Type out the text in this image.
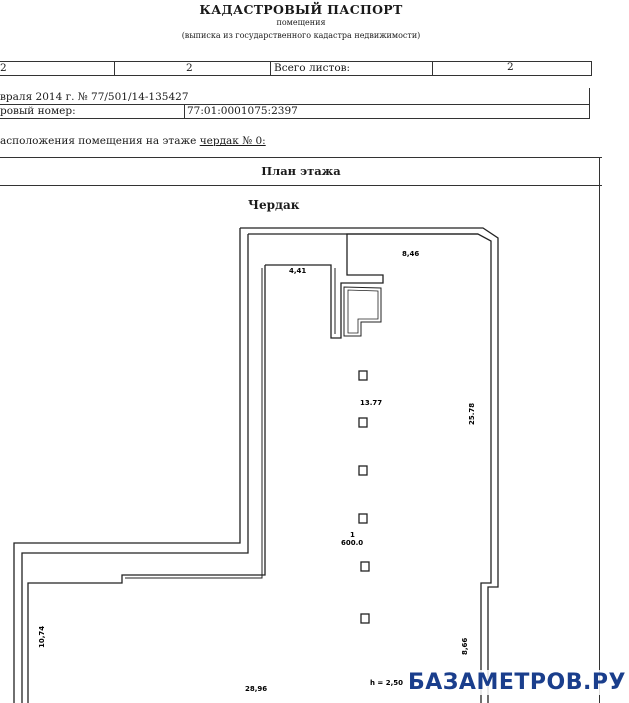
КАДАСТРОВЫЙ ПАСПОРТ
помещения
(выписка из государственного кадастра недвижимости)
2	2	Всего листов:	2
враля 2014 г. № 77/501/14-135427
ровый номер:	77:01:0001075:2397
асположения помещения на этаже чердак № 0:
План этажа
Чердак
4,41
8,46
13.77	25.78
1
600.0
10,74	8,66
28,96
h = 2,50 БАЗАМЕТРОВ.РУ
